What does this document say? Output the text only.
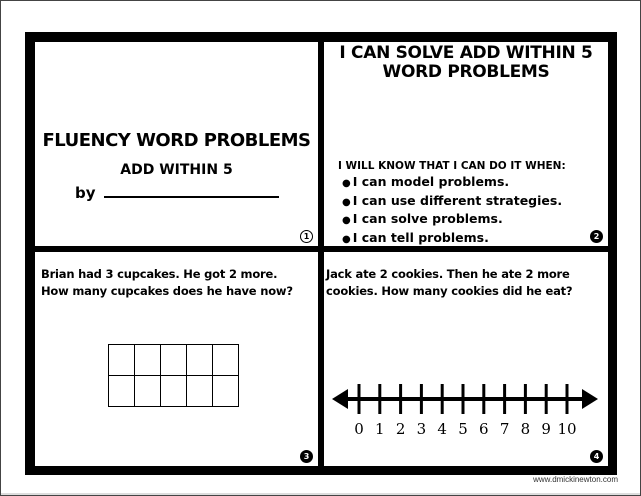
FLUENCY WORD PROBLEMS
ADD WITHIN 5
by
1
I CAN SOLVE ADD WITHIN 5
WORD PROBLEMS
I WILL KNOW THAT I CAN DO IT WHEN:
● I can model problems.
● I can use different strategies.
● I can solve problems.
● I can tell problems.	2
Brian had 3 cupcakes. He got 2 more.
How many cupcakes does he have now?

3
Jack ate 2 cookies. Then he ate 2 more
cookies. How many cookies did he eat?
0 1 2 3 4 5 6 7 8 9 10
4
www.dmickinewton.com
